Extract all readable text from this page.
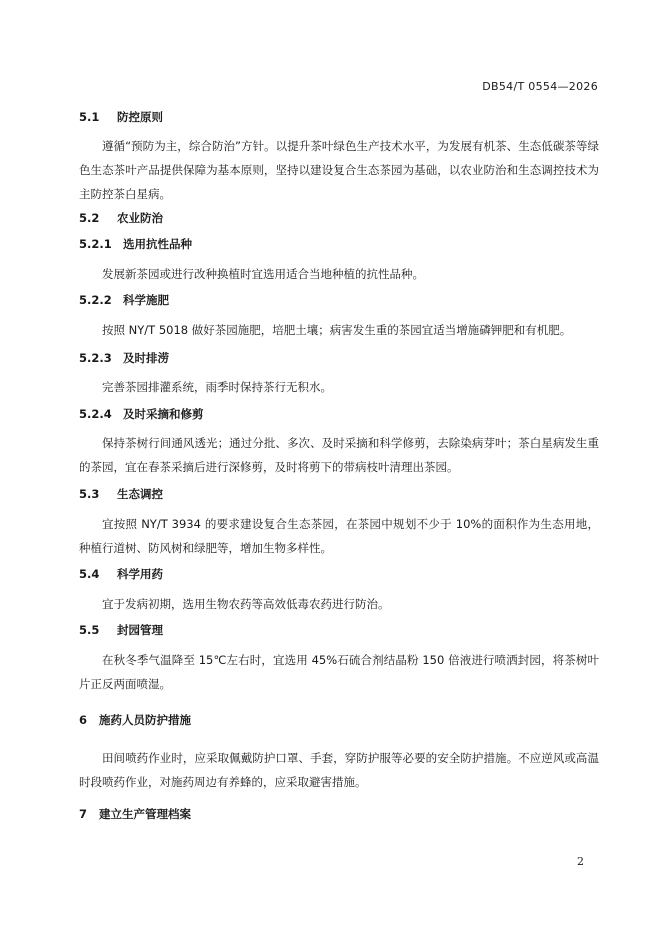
DB54/T 0554—2026
5.1 防控原则
遵循“预防为主，综合防治”方针。以提升茶叶绿色生产技术水平，为发展有机茶、生态低碳茶等绿色生态茶叶产品提供保障为基本原则，坚持以建设复合生态茶园为基础，以农业防治和生态调控技术为主防控茶白星病。
5.2 农业防治
5.2.1 选用抗性品种
发展新茶园或进行改种换植时宜选用适合当地种植的抗性品种。
5.2.2 科学施肥
按照 NY/T 5018 做好茶园施肥，培肥土壤；病害发生重的茶园宜适当增施磷钾肥和有机肥。
5.2.3 及时排涝
完善茶园排灌系统，雨季时保持茶行无积水。
5.2.4 及时采摘和修剪
保持茶树行间通风透光；通过分批、多次、及时采摘和科学修剪，去除染病芽叶；茶白星病发生重的茶园，宜在春茶采摘后进行深修剪，及时将剪下的带病枝叶清理出茶园。
5.3 生态调控
宜按照 NY/T 3934 的要求建设复合生态茶园，在茶园中规划不少于 10%的面积作为生态用地，种植行道树、防风树和绿肥等，增加生物多样性。
5.4 科学用药
宜于发病初期，选用生物农药等高效低毒农药进行防治。
5.5 封园管理
在秋冬季气温降至 15℃左右时，宜选用 45%石硫合剂结晶粉 150 倍液进行喷洒封园，将茶树叶片正反两面喷湿。
6 施药人员防护措施
田间喷药作业时，应采取佩戴防护口罩、手套，穿防护服等必要的安全防护措施。不应逆风或高温时段喷药作业，对施药周边有养蜂的，应采取避害措施。
7 建立生产管理档案
2
